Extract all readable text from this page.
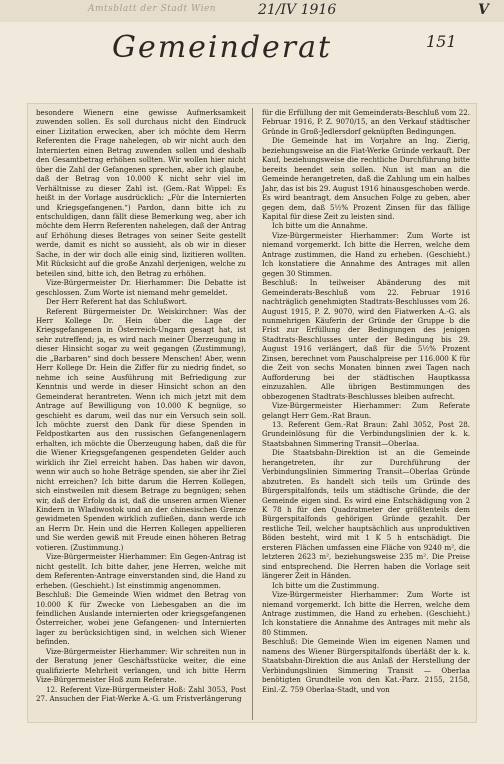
Amtsblatt der Stadt Wien	21/IV 1916	V
Gemeinderat	151

besondere Wienern eine gewisse Aufmerksamkeit zuwenden sollen. Es soll durchaus nicht den Eindruck einer Lizitation erwecken, aber ich möchte dem Herrn Referenten die Frage nahelegen, ob wir nicht auch den Internierten einen Betrag zuwenden sollen und deshalb den Gesamtbetrag erhöhen sollten. Wir wollen hier nicht über die Zahl der Gefangenen sprechen, aber ich glaube, daß der Betrag von 10.000 K nicht sehr viel im Verhältnisse zu dieser Zahl ist. (Gem.-Rat Wippel: Es heißt in der Vorlage ausdrücklich: „Für die Internierten und Kriegsgefangenen.“) Pardon, dann bitte ich zu entschuldigen, dann fällt diese Bemerkung weg, aber ich möchte dem Herrn Referenten nahelegen, daß der Antrag auf Erhöhung dieses Betrages von seiner Seite gestellt werde, damit es nicht so aussieht, als ob wir in dieser Sache, in der wir doch alle einig sind, lizitieren wollten. Mit Rücksicht auf die große Anzahl derjenigen, welche zu beteilen sind, bitte ich, den Betrag zu erhöhen.

Vize-Bürgermeister Dr. Hierhammer: Die Debatte ist geschlossen. Zum Worte ist niemand mehr gemeldet.

Der Herr Referent hat das Schlußwort.

Referent Bürgermeister Dr. Weiskirchner: Was der Herr Kollege Dr. Hein über die Lage der Kriegsgefangenen in Österreich-Ungarn gesagt hat, ist sehr zutreffend; ja, es wird nach meiner Überzeugung in dieser Hinsicht sogar zu weit gegangen (Zustimmung), die „Barbaren“ sind doch bessere Menschen! Aber, wenn Herr Kollege Dr. Hein die Ziffer für zu niedrig findet, so nehme ich seine Ausführung mit Befriedigung zur Kenntnis und werde in dieser Hinsicht schon an den Gemeinderat herantreten. Wenn ich mich jetzt mit dem Antrage auf Bewilligung von 10.000 K begnüge, so geschieht es darum, weil das nur ein Versuch sein soll. Ich möchte zuerst den Dank für diese Spenden in Feldpostkarten aus den russischen Gefangenenlagern erhalten, ich möchte die Überzeugung haben, daß die für die Wiener Kriegsgefangenen gespendeten Gelder auch wirklich ihr Ziel erreicht haben. Das haben wir davon, wenn wir auch so hohe Beträge spenden, sie aber ihr Ziel nicht erreichen? Ich bitte darum die Herren Kollegen, sich einstweilen mit diesem Betrage zu begnügen; sehen wir, daß der Erfolg da ist, daß die unseren armen Wiener Kindern in Wladiwostok und an der chinesischen Grenze gewidmeten Spenden wirklich zufließen, dann werde ich an Herrn Dr. Hein und die Herren Kollegen appellieren und Sie werden gewiß mit Freude einen höheren Betrag votieren. (Zustimmung.)

Vize-Bürgermeister Hierhammer: Ein Gegen-Antrag ist nicht gestellt. Ich bitte daher, jene Herren, welche mit dem Referenten-Antrage einverstanden sind, die Hand zu erheben. (Geschieht.) Ist einstimmig angenommen.

Beschluß: Die Gemeinde Wien widmet den Betrag von 10.000 K für Zwecke von Liebesgaben an die im feindlichen Auslande internierten oder kriegsgefangenen Österreicher, wobei jene Gefangenen- und Internierten lager zu berücksichtigen sind, in welchen sich Wiener befinden.

Vize-Bürgermeister Hierhammer: Wir schreiten nun in der Beratung jener Geschäftsstücke weiter, die eine qualifizierte Mehrheit verlangen, und ich bitte Herrn Vize-Bürgermeister Hoß zum Referate.

12. Referent Vize-Bürgermeister Hoß: Zahl 3053, Post 27. Ansuchen der Fiat-Werke A.-G. um Fristverlängerung

für die Erfüllung der mit Gemeinderats-Beschluß vom 22. Februar 1916, P. Z. 9070/15, an den Verkauf städtischer Gründe in Groß-Jedlersdorf geknüpften Bedingungen.

Die Gemeinde hat im Vorjahre an Ing. Zierig, beziehungsweise an die Fiat-Werke Gründe verkauft. Der Kauf, beziehungsweise die rechtliche Durchführung bitte bereits beendet sein sollen. Nun ist man an die Gemeinde herangetreten, daß die Zahlung um ein halbes Jahr, das ist bis 29. August 1916 hinausgeschoben werde. Es wird beantragt, dem Ansuchen Folge zu geben, aber gegen dem, daß 5½% Prozent Zinsen für das fällige Kapital für diese Zeit zu leisten sind.

Ich bitte um die Annahme.

Vize-Bürgermeister Hierhammer: Zum Worte ist niemand vorgemerkt. Ich bitte die Herren, welche dem Antrage zustimmen, die Hand zu erheben. (Geschieht.) Ich konstatiere die Annahme des Antrages mit allen gegen 30 Stimmen.

Beschluß: In teilweiser Abänderung des mit Gemeinderats-Beschluß vom 22. Februar 1916 nachträglich genehmigten Stadtrats-Beschlusses vom 26. August 1915, P. Z. 9070, wird den Fiatwerken A.-G. als nunmehrigen Käuferin der Gründe der Gruppe b die Frist zur Erfüllung der Bedingungen des jenigen Stadtrats-Beschlusses unter der Bedingung bis 29. August 1916 verlängert, daß für die 5½% Prozent Zinsen, berechnet vom Pauschalpreise per 116.000 K für die Zeit von sechs Monaten binnen zwei Tagen nach Aufforderung bei der städtischen Hauptkassa einzuzahlen. Alle übrigen Bestimmungen des obbezogenen Stadtrats-Beschlusses bleiben aufrecht.

Vize-Bürgermeister Hierhammer: Zum Referate gelangt Herr Gem.-Rat Braun.

13. Referent Gem.-Rat Braun: Zahl 3052, Post 28. Grundeinlösung für die Verbindungslinien der k. k. Staatsbahnen Simmering Transit—Oberlaa.

Die Staatsbahn-Direktion ist an die Gemeinde herangetreten, ihr zur Durchführung der Verbindungslinien Simmering Transit—Oberlaa Gründe abzutreten. Es handelt sich teils um Gründe des Bürgerspitalfonds, teils um städtische Gründe, die der Gemeinde eigen sind. Es wird eine Entschädigung von 2 K 78 h für den Quadratmeter der größtenteils dem Bürgerspitalfonds gehörigen Gründe gezahlt. Der restliche Teil, welcher hauptsächlich aus unproduktiven Böden besteht, wird mit 1 K 5 h entschädigt. Die ersteren Flächen umfassen eine Fläche von 9240 m², die letzteren 2623 m², beziehungsweise 235 m². Die Preise sind entsprechend. Die Herren haben die Vorlage seit längerer Zeit in Händen.

Ich bitte um die Zustimmung.

Vize-Bürgermeister Hierhammer: Zum Worte ist niemand vorgemerkt. Ich bitte die Herren, welche dem Antrage zustimmen, die Hand zu erheben. (Geschieht.) Ich konstatiere die Annahme des Antrages mit mehr als 80 Stimmen.

Beschluß: Die Gemeinde Wien im eigenen Namen und namens des Wiener Bürgerspitalfonds überläßt der k. k. Staatsbahn-Direktion die aus Anlaß der Herstellung der Verbindungslinien Simmering Transit — Oberlaa benötigten Grundteile von den Kat.-Parz. 2155, 2158, Einl.-Z. 759 Oberlaa-Stadt, und von
